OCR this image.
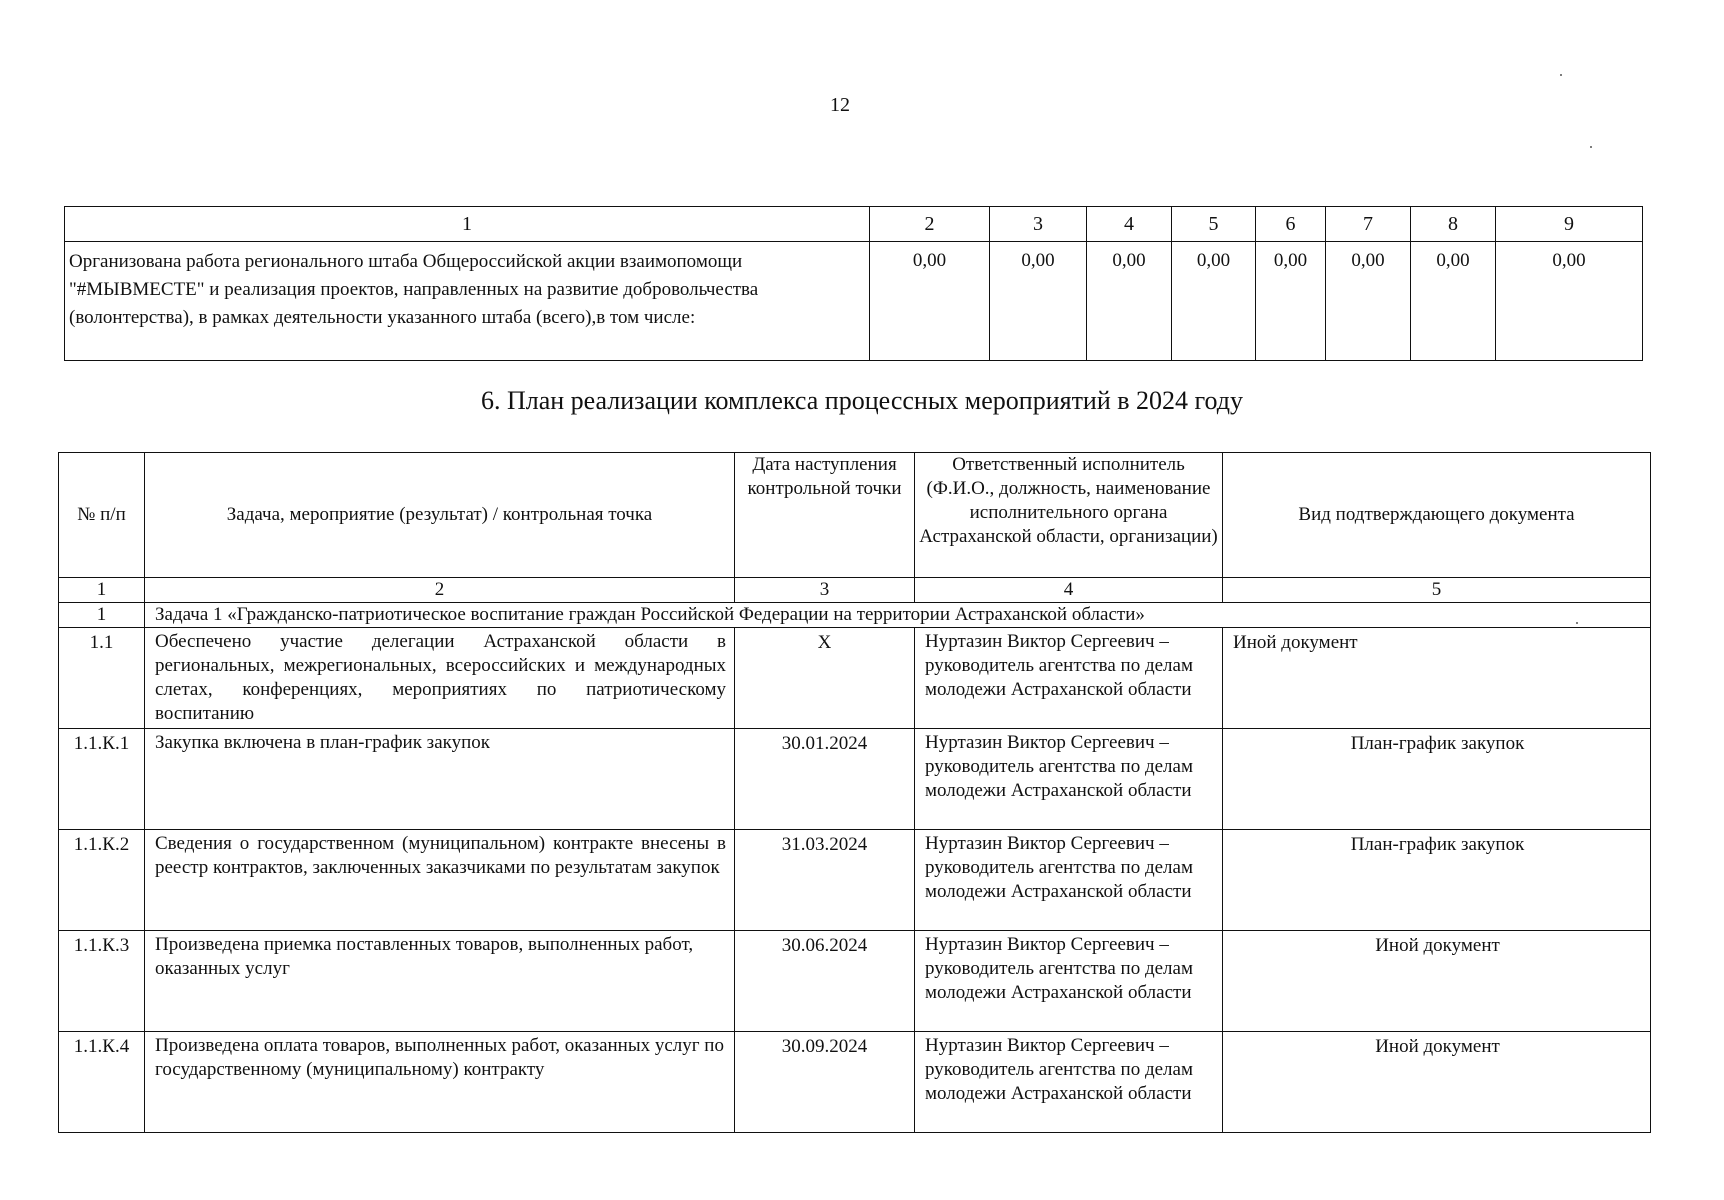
12
1	2	3	4	5	6	7	8	9
Организована работа регионального штаба Общероссийской акции взаимопомощи "#МЫВМЕСТЕ" и реализация проектов, направленных на развитие добровольчества (волонтерства), в рамках деятельности указанного штаба (всего),в том числе:	0,00	0,00	0,00	0,00	0,00	0,00	0,00	0,00
6. План реализации комплекса процессных мероприятий в 2024 году
№ п/п	Задача, мероприятие (результат) / контрольная точка	Дата наступления контрольной точки	Ответственный исполнитель (Ф.И.О., должность, наименование исполнительного органа Астраханской области, организации)	Вид подтверждающего документа
1	2	3	4	5
1	Задача 1 «Гражданско-патриотическое воспитание граждан Российской Федерации на территории Астраханской области»			
1.1	Обеспечено участие делегации Астраханской области в региональных, межрегиональных, всероссийских и международных слетах, конференциях, мероприятиях по патриотическому воспитанию	Х	Нуртазин Виктор Сергеевич – руководитель агентства по делам молодежи Астраханской области	Иной документ
1.1.К.1	Закупка включена в план-график закупок	30.01.2024	Нуртазин Виктор Сергеевич – руководитель агентства по делам молодежи Астраханской области	План-график закупок
1.1.К.2	Сведения о государственном (муниципальном) контракте внесены в реестр контрактов, заключенных заказчиками по результатам закупок	31.03.2024	Нуртазин Виктор Сергеевич – руководитель агентства по делам молодежи Астраханской области	План-график закупок
1.1.К.3	Произведена приемка поставленных товаров, выполненных работ, оказанных услуг	30.06.2024	Нуртазин Виктор Сергеевич – руководитель агентства по делам молодежи Астраханской области	Иной документ
1.1.К.4	Произведена оплата товаров, выполненных работ, оказанных услуг по государственному (муниципальному) контракту	30.09.2024	Нуртазин Виктор Сергеевич – руководитель агентства по делам молодежи Астраханской области	Иной документ
